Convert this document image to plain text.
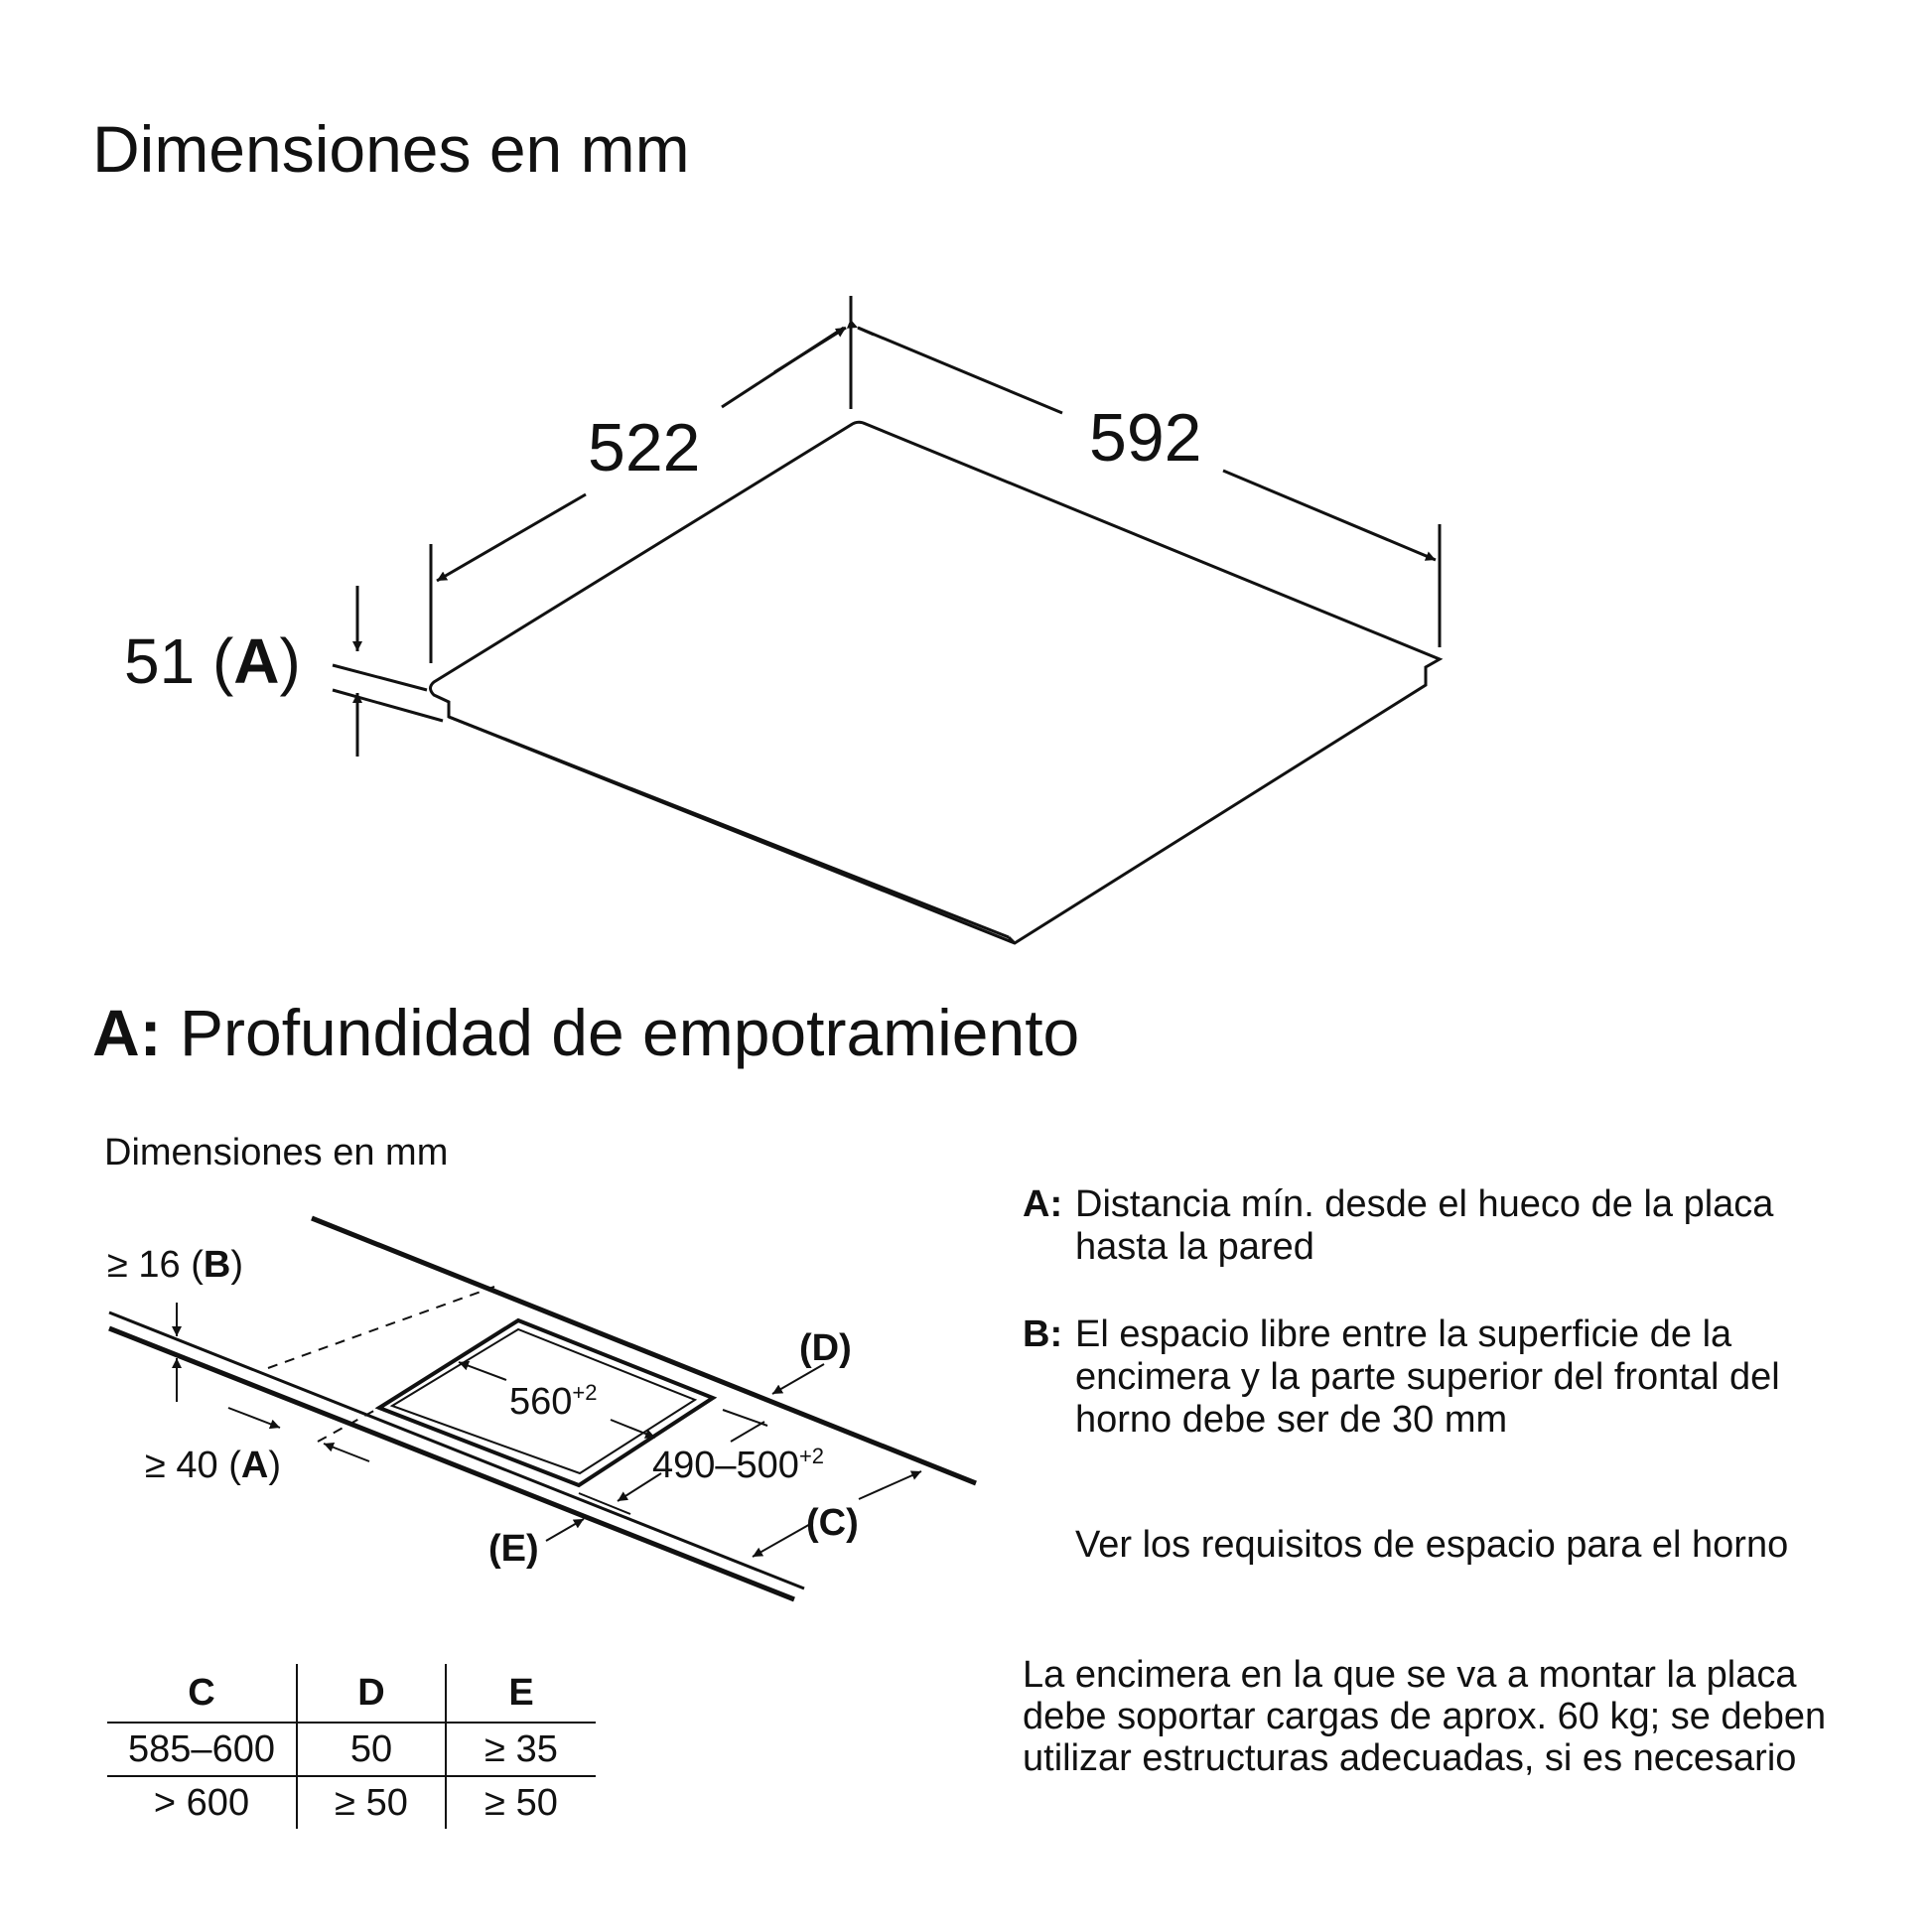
Dimensiones en mm
522	592
51 (A)
≥ 16 (B)
≥ 40 (A)
$560^{+2}$
$490-500^{+2}$
(D)
(C)
(E)
A: Profundidad de empotramiento
Dimensiones en mm
A: Distancia mín. desde el hueco de la placa hasta la pared
B: El espacio libre entre la superficie de la encimera y la parte superior del frontal del horno debe ser de 30 mm
Ver los requisitos de espacio para el horno
La encimera en la que se va a montar la placa debe soportar cargas de aprox. 60 kg; se deben utilizar estructuras adecuadas, si es necesario
C	D	E
585–600	50	≥ 35
> 600	≥ 50	≥ 50
